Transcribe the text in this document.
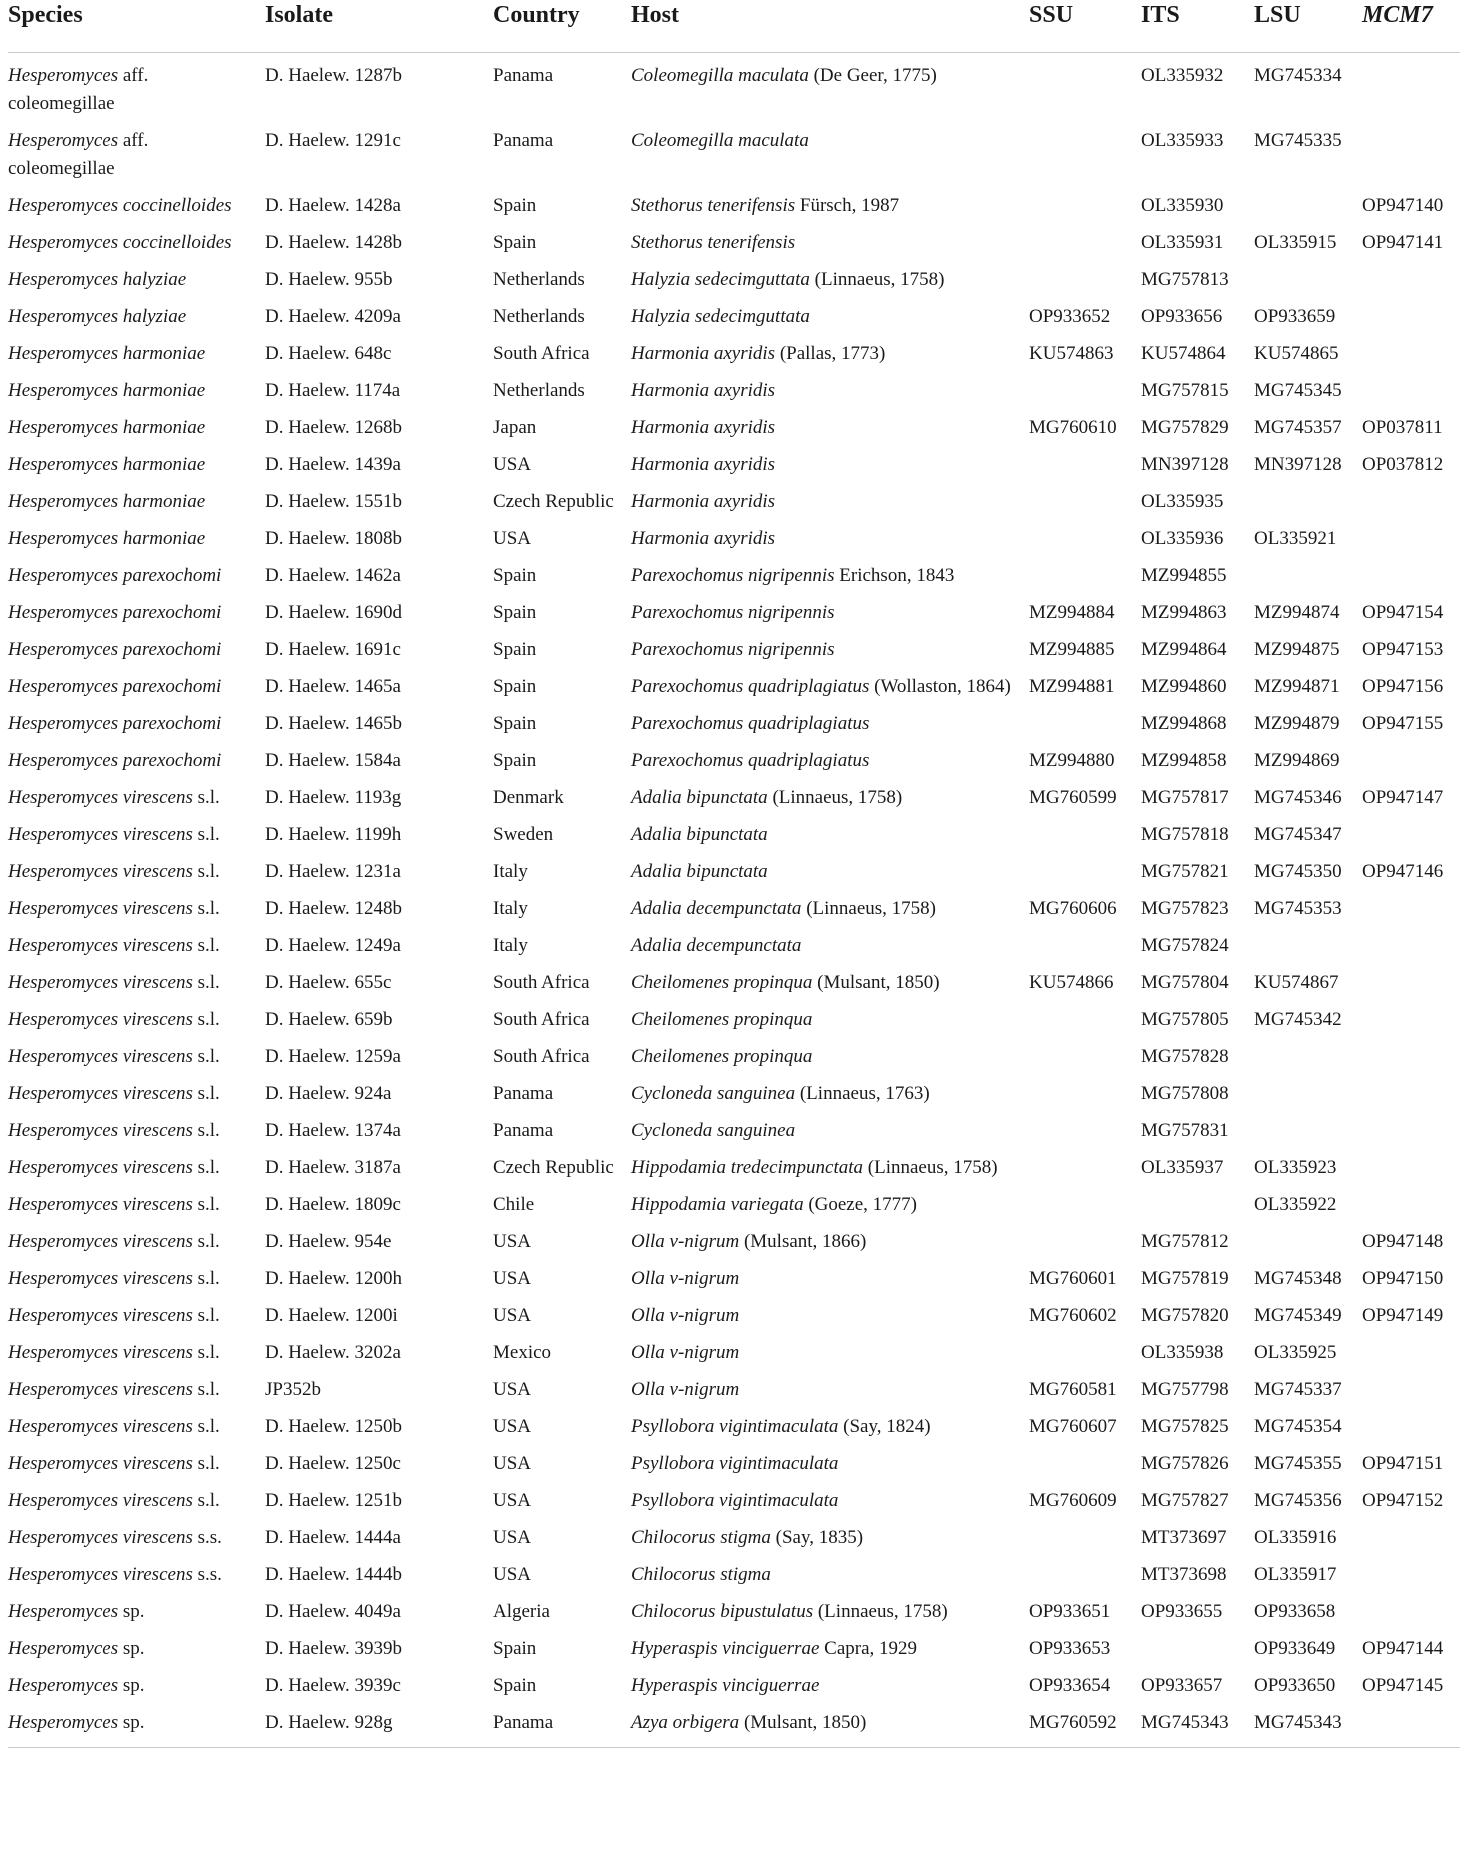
Species	Isolate	Country	Host	SSU	ITS	LSU	MCM7
Hesperomyces aff. coleomegillae	D. Haelew. 1287b	Panama	Coleomegilla maculata (De Geer, 1775)		OL335932	MG745334	
Hesperomyces aff. coleomegillae	D. Haelew. 1291c	Panama	Coleomegilla maculata		OL335933	MG745335	
Hesperomyces coccinelloides	D. Haelew. 1428a	Spain	Stethorus tenerifensis Fürsch, 1987		OL335930		OP947140
Hesperomyces coccinelloides	D. Haelew. 1428b	Spain	Stethorus tenerifensis		OL335931	OL335915	OP947141
Hesperomyces halyziae	D. Haelew. 955b	Netherlands	Halyzia sedecimguttata (Linnaeus, 1758)		MG757813		
Hesperomyces halyziae	D. Haelew. 4209a	Netherlands	Halyzia sedecimguttata	OP933652	OP933656	OP933659	
Hesperomyces harmoniae	D. Haelew. 648c	South Africa	Harmonia axyridis (Pallas, 1773)	KU574863	KU574864	KU574865	
Hesperomyces harmoniae	D. Haelew. 1174a	Netherlands	Harmonia axyridis		MG757815	MG745345	
Hesperomyces harmoniae	D. Haelew. 1268b	Japan	Harmonia axyridis	MG760610	MG757829	MG745357	OP037811
Hesperomyces harmoniae	D. Haelew. 1439a	USA	Harmonia axyridis		MN397128	MN397128	OP037812
Hesperomyces harmoniae	D. Haelew. 1551b	Czech Republic	Harmonia axyridis		OL335935		
Hesperomyces harmoniae	D. Haelew. 1808b	USA	Harmonia axyridis		OL335936	OL335921	
Hesperomyces parexochomi	D. Haelew. 1462a	Spain	Parexochomus nigripennis Erichson, 1843		MZ994855		
Hesperomyces parexochomi	D. Haelew. 1690d	Spain	Parexochomus nigripennis	MZ994884	MZ994863	MZ994874	OP947154
Hesperomyces parexochomi	D. Haelew. 1691c	Spain	Parexochomus nigripennis	MZ994885	MZ994864	MZ994875	OP947153
Hesperomyces parexochomi	D. Haelew. 1465a	Spain	Parexochomus quadriplagiatus (Wollaston, 1864)	MZ994881	MZ994860	MZ994871	OP947156
Hesperomyces parexochomi	D. Haelew. 1465b	Spain	Parexochomus quadriplagiatus		MZ994868	MZ994879	OP947155
Hesperomyces parexochomi	D. Haelew. 1584a	Spain	Parexochomus quadriplagiatus	MZ994880	MZ994858	MZ994869	
Hesperomyces virescens s.l.	D. Haelew. 1193g	Denmark	Adalia bipunctata (Linnaeus, 1758)	MG760599	MG757817	MG745346	OP947147
Hesperomyces virescens s.l.	D. Haelew. 1199h	Sweden	Adalia bipunctata		MG757818	MG745347	
Hesperomyces virescens s.l.	D. Haelew. 1231a	Italy	Adalia bipunctata		MG757821	MG745350	OP947146
Hesperomyces virescens s.l.	D. Haelew. 1248b	Italy	Adalia decempunctata (Linnaeus, 1758)	MG760606	MG757823	MG745353	
Hesperomyces virescens s.l.	D. Haelew. 1249a	Italy	Adalia decempunctata		MG757824		
Hesperomyces virescens s.l.	D. Haelew. 655c	South Africa	Cheilomenes propinqua (Mulsant, 1850)	KU574866	MG757804	KU574867	
Hesperomyces virescens s.l.	D. Haelew. 659b	South Africa	Cheilomenes propinqua		MG757805	MG745342	
Hesperomyces virescens s.l.	D. Haelew. 1259a	South Africa	Cheilomenes propinqua		MG757828		
Hesperomyces virescens s.l.	D. Haelew. 924a	Panama	Cycloneda sanguinea (Linnaeus, 1763)		MG757808		
Hesperomyces virescens s.l.	D. Haelew. 1374a	Panama	Cycloneda sanguinea		MG757831		
Hesperomyces virescens s.l.	D. Haelew. 3187a	Czech Republic	Hippodamia tredecimpunctata (Linnaeus, 1758)		OL335937	OL335923	
Hesperomyces virescens s.l.	D. Haelew. 1809c	Chile	Hippodamia variegata (Goeze, 1777)			OL335922	
Hesperomyces virescens s.l.	D. Haelew. 954e	USA	Olla v-nigrum (Mulsant, 1866)		MG757812		OP947148
Hesperomyces virescens s.l.	D. Haelew. 1200h	USA	Olla v-nigrum	MG760601	MG757819	MG745348	OP947150
Hesperomyces virescens s.l.	D. Haelew. 1200i	USA	Olla v-nigrum	MG760602	MG757820	MG745349	OP947149
Hesperomyces virescens s.l.	D. Haelew. 3202a	Mexico	Olla v-nigrum		OL335938	OL335925	
Hesperomyces virescens s.l.	JP352b	USA	Olla v-nigrum	MG760581	MG757798	MG745337	
Hesperomyces virescens s.l.	D. Haelew. 1250b	USA	Psyllobora vigintimaculata (Say, 1824)	MG760607	MG757825	MG745354	
Hesperomyces virescens s.l.	D. Haelew. 1250c	USA	Psyllobora vigintimaculata		MG757826	MG745355	OP947151
Hesperomyces virescens s.l.	D. Haelew. 1251b	USA	Psyllobora vigintimaculata	MG760609	MG757827	MG745356	OP947152
Hesperomyces virescens s.s.	D. Haelew. 1444a	USA	Chilocorus stigma (Say, 1835)		MT373697	OL335916	
Hesperomyces virescens s.s.	D. Haelew. 1444b	USA	Chilocorus stigma		MT373698	OL335917	
Hesperomyces sp.	D. Haelew. 4049a	Algeria	Chilocorus bipustulatus (Linnaeus, 1758)	OP933651	OP933655	OP933658	
Hesperomyces sp.	D. Haelew. 3939b	Spain	Hyperaspis vinciguerrae Capra, 1929	OP933653		OP933649	OP947144
Hesperomyces sp.	D. Haelew. 3939c	Spain	Hyperaspis vinciguerrae	OP933654	OP933657	OP933650	OP947145
Hesperomyces sp.	D. Haelew. 928g	Panama	Azya orbigera (Mulsant, 1850)	MG760592	MG745343	MG745343	
